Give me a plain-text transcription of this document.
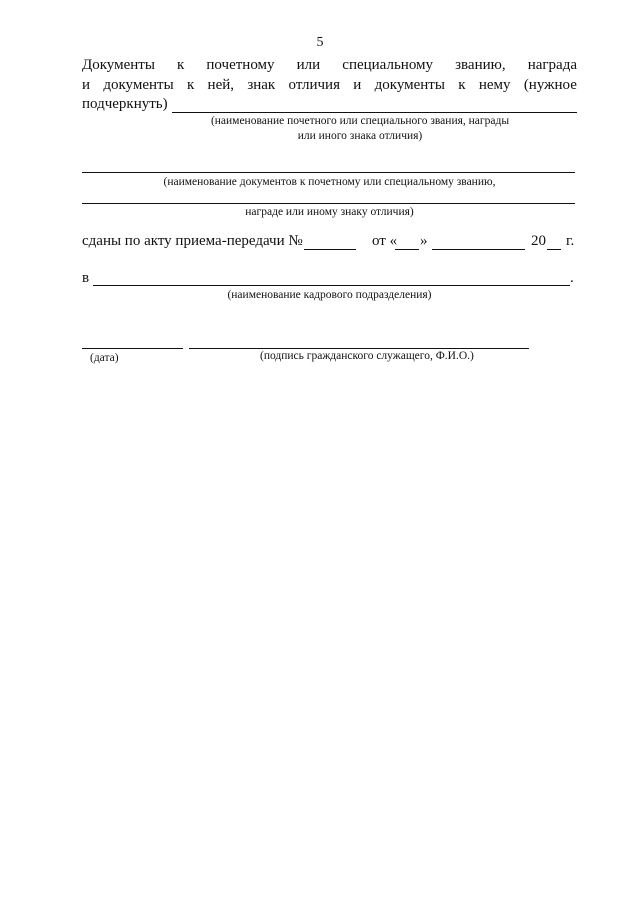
5
Документы к почетному или специальному званию, награда
и документы к ней, знак отличия и документы к нему (нужное
подчеркнуть)
(наименование почетного или специального звания, награды
или иного знака отличия)
(наименование документов к почетному или специальному званию,
награде или иному знаку отличия)
сданы по акту приема-передачи №	от « »	20 г.
в	.
(наименование кадрового подразделения)
(дата)	(подпись гражданского служащего, Ф.И.О.)
